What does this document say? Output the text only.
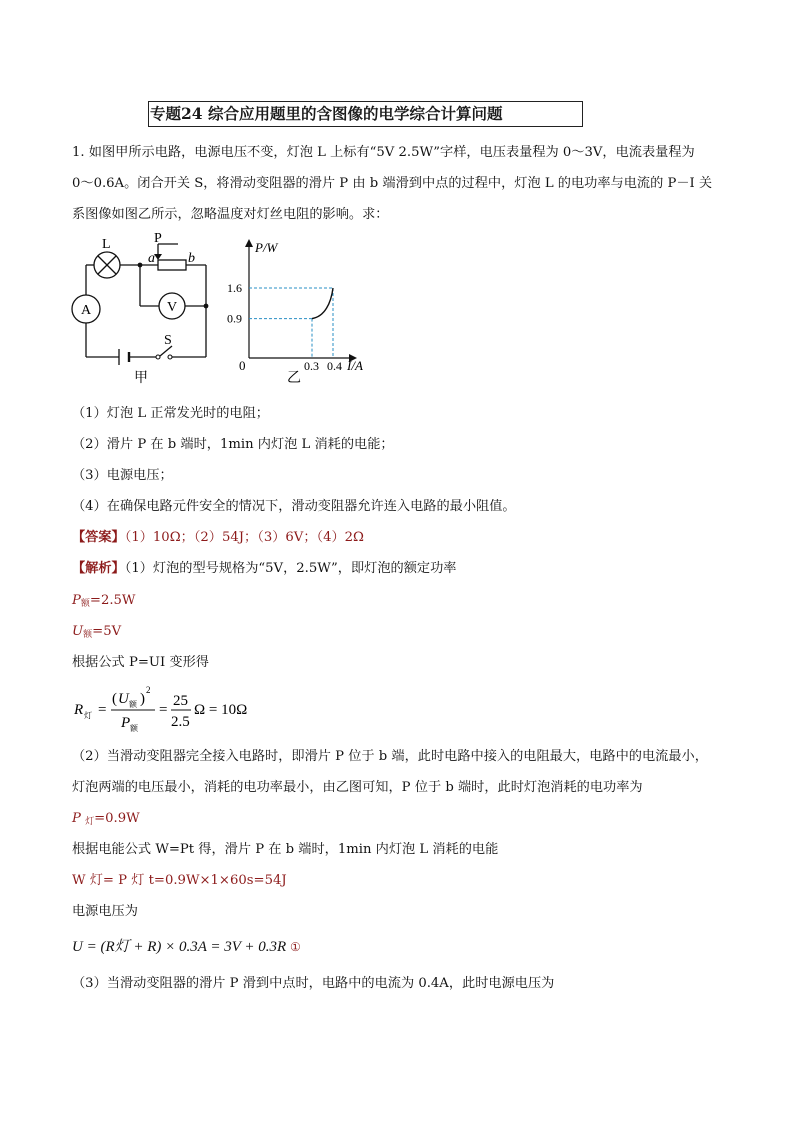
专题24 综合应用题里的含图像的电学综合计算问题
1. 如图甲所示电路，电源电压不变，灯泡 L 上标有“5V 2.5W”字样，电压表量程为 0～3V，电流表量程为
0～0.6A。闭合开关 S，将滑动变阻器的滑片 P 由 b 端滑到中点的过程中，灯泡 L 的电功率与电流的 P－I 关
系图像如图乙所示，忽略温度对灯丝电阻的影响。求：
L	P
a b
A	V
S
甲
1.6
0.9
0.3 0.4
P/W
I/A
0
乙
（1）灯泡 L 正常发光时的电阻；
（2）滑片 P 在 b 端时，1min 内灯泡 L 消耗的电能；
（3）电源电压；
（4）在确保电路元件安全的情况下，滑动变阻器允许连入电路的最小阻值。
【答案】（1）10Ω；（2）54J；（3）6V；（4）2Ω
【解析】（1）灯泡的型号规格为“5V，2.5W”，即灯泡的额定功率
$P_额=2.5W$
$U_额=5V$
根据公式 P=UI 变形得
R 灯 =
( U 额 )
2
P 额
=
25
2.5
Ω = 10Ω
（2）当滑动变阻器完全接入电路时，即滑片 P 位于 b 端，此时电路中接入的电阻最大，电路中的电流最小，
灯泡两端的电压最小，消耗的电功率最小，由乙图可知，P 位于 b 端时，此时灯泡消耗的电功率为
P $_灯$=0.9W
根据电能公式 W=Pt 得，滑片 P 在 b 端时，1min 内灯泡 L 消耗的电能
W 灯= P 灯 t=0.9W×1×60s=54J
电源电压为
U = (R灯 + R) × 0.3A = 3V + 0.3R ①
（3）当滑动变阻器的滑片 P 滑到中点时，电路中的电流为 0.4A，此时电源电压为
